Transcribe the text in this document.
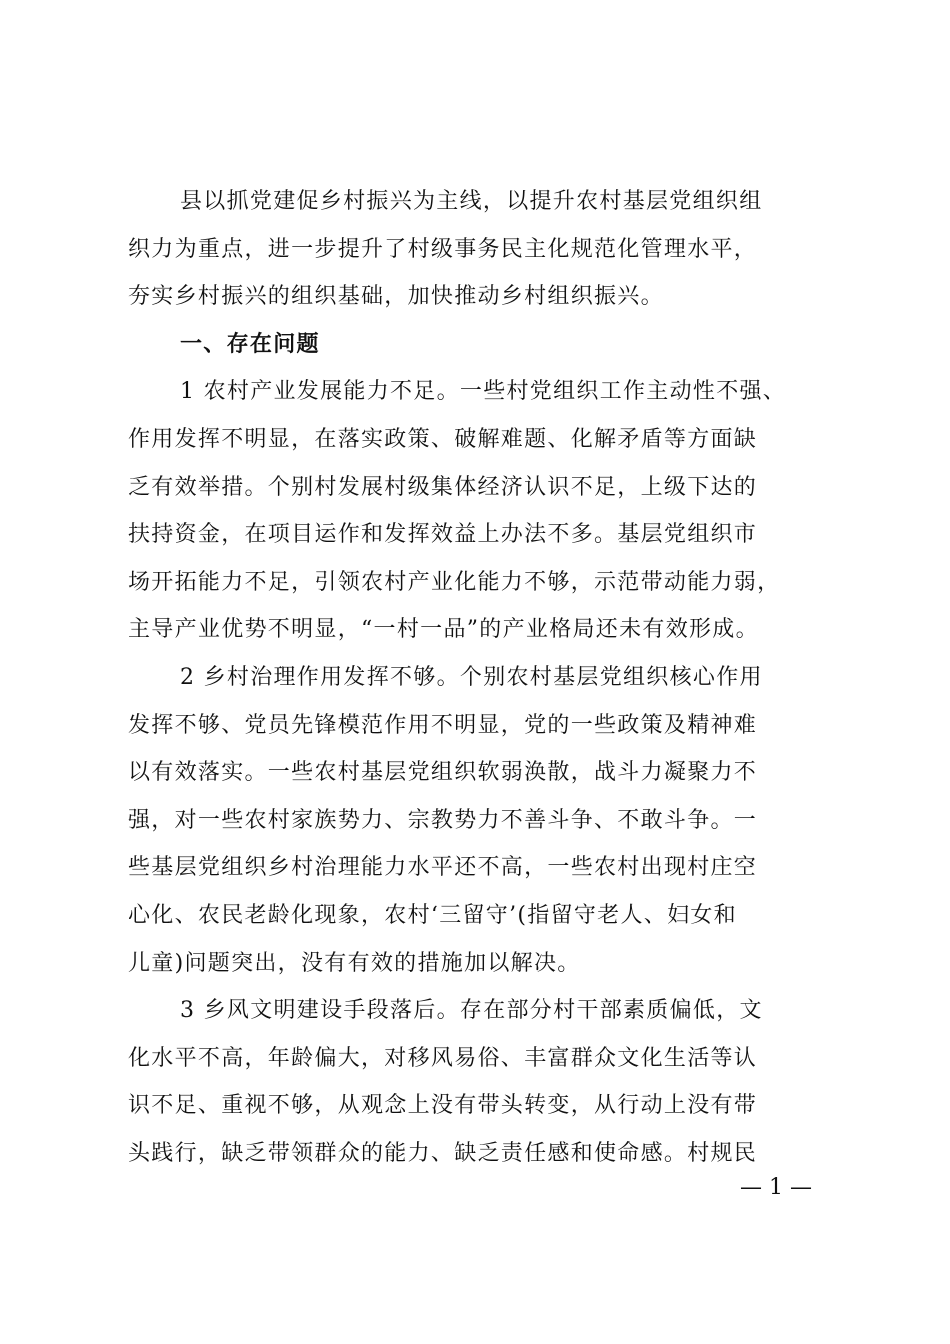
县以抓党建促乡村振兴为主线，以提升农村基层党组织组
织力为重点，进一步提升了村级事务民主化规范化管理水平，
夯实乡村振兴的组织基础，加快推动乡村组织振兴。
一、存在问题
1 农村产业发展能力不足。一些村党组织工作主动性不强、
作用发挥不明显，在落实政策、破解难题、化解矛盾等方面缺
乏有效举措。个别村发展村级集体经济认识不足，上级下达的
扶持资金，在项目运作和发挥效益上办法不多。基层党组织市
场开拓能力不足，引领农村产业化能力不够，示范带动能力弱，
主导产业优势不明显，“一村一品”的产业格局还未有效形成。
2 乡村治理作用发挥不够。个别农村基层党组织核心作用
发挥不够、党员先锋模范作用不明显，党的一些政策及精神难
以有效落实。一些农村基层党组织软弱涣散，战斗力凝聚力不
强，对一些农村家族势力、宗教势力不善斗争、不敢斗争。一
些基层党组织乡村治理能力水平还不高，一些农村出现村庄空
心化、农民老龄化现象，农村‘三留守’(指留守老人、妇女和
儿童)问题突出，没有有效的措施加以解决。
3 乡风文明建设手段落后。存在部分村干部素质偏低，文
化水平不高，年龄偏大，对移风易俗、丰富群众文化生活等认
识不足、重视不够，从观念上没有带头转变，从行动上没有带
头践行，缺乏带领群众的能力、缺乏责任感和使命感。村规民
— 1 —
